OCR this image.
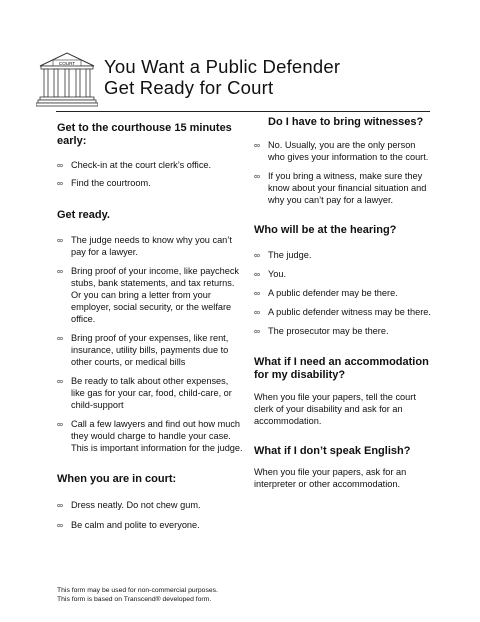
COURT You Want a Public Defender
Get Ready for Court
Get to the courthouse 15 minutes early:
∞ Check-in at the court clerk’s office.
∞ Find the courtroom.
Get ready.
∞ The judge needs to know why you can’t pay for a lawyer.
∞ Bring proof of your income, like paycheck stubs, bank statements, and tax returns. Or you can bring a letter from your employer, social security, or the welfare office.
∞ Bring proof of your expenses, like rent, insurance, utility bills, payments due to other courts, or medical bills
∞ Be ready to talk about other expenses, like gas for your car, food, child-care, or child-support
∞ Call a few lawyers and find out how much they would charge to handle your case. This is important information for the judge.
When you are in court:
∞ Dress neatly. Do not chew gum.
∞ Be calm and polite to everyone.
Do I have to bring witnesses?
∞ No. Usually, you are the only person who gives your information to the court.
∞ If you bring a witness, make sure they know about your financial situation and why you can’t pay for a lawyer.
Who will be at the hearing?
∞ The judge.
∞ You.
∞ A public defender may be there.
∞ A public defender witness may be there.
∞ The prosecutor may be there.
What if I need an accommodation for my disability?

When you file your papers, tell the court clerk of your disability and ask for an accommodation.

What if I don’t speak English?

When you file your papers, ask for an interpreter or other accommodation.

This form may be used for non-commercial purposes.
This form is based on Transcend® developed form.
